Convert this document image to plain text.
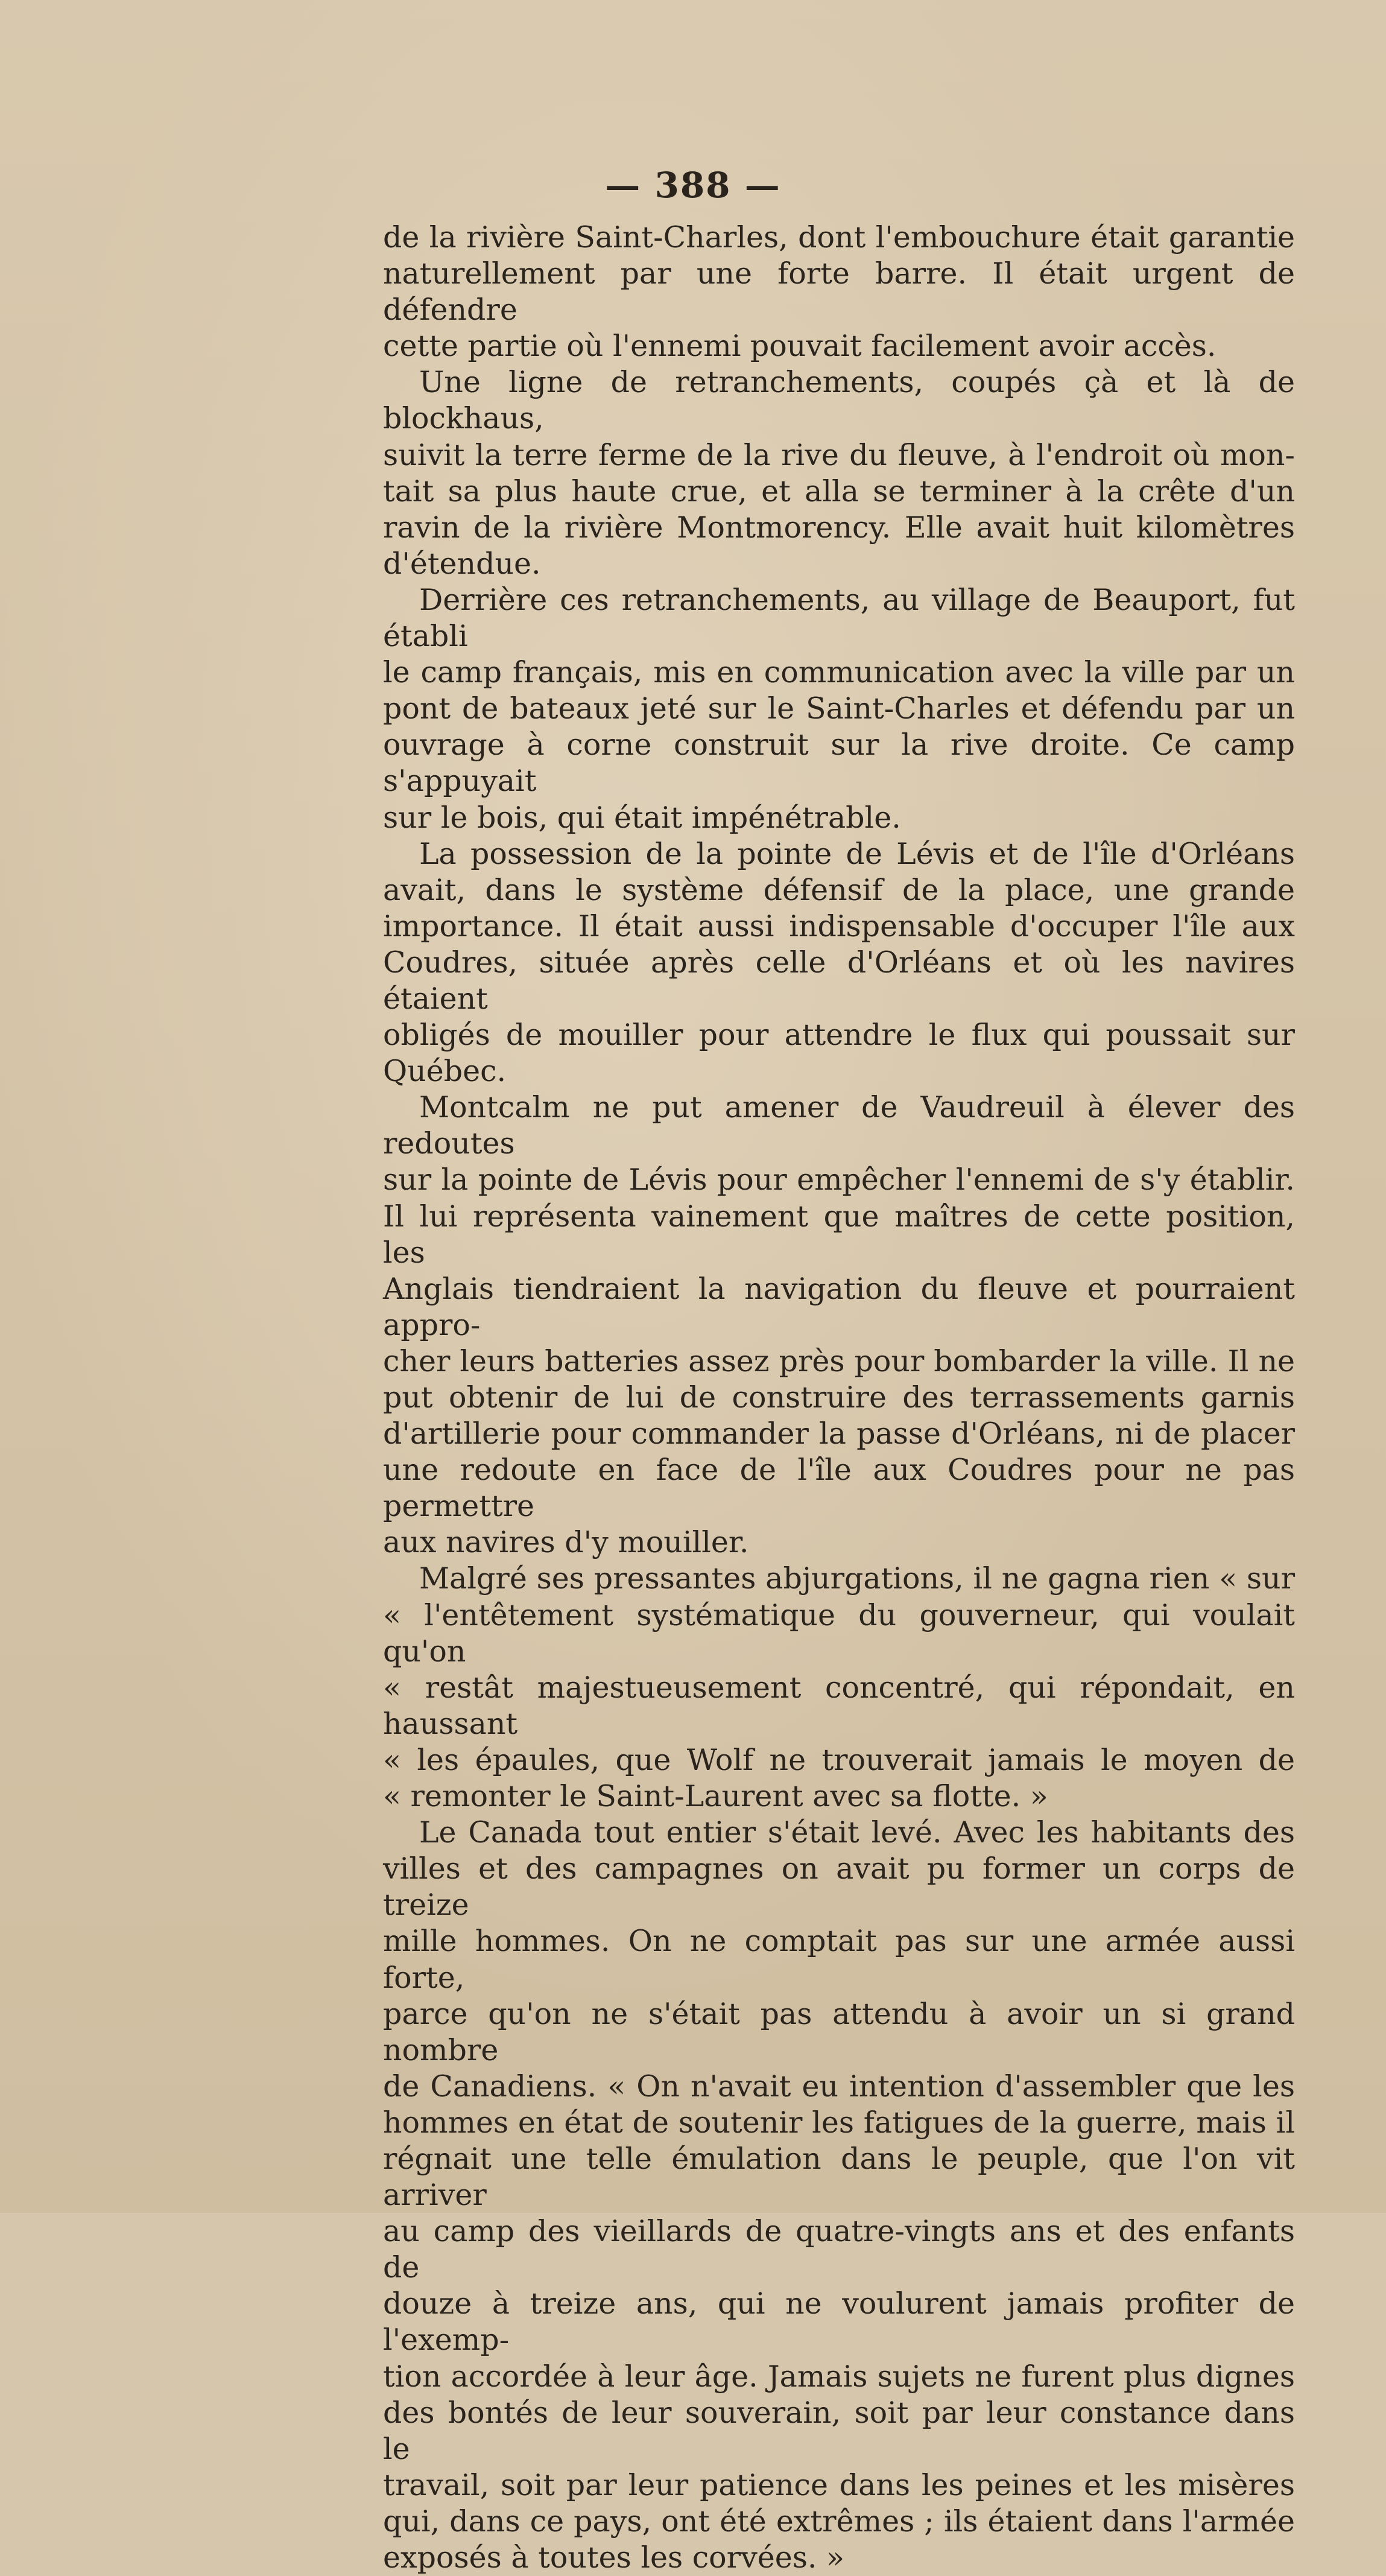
— 388 —

de la rivière Saint-Charles, dont l'embouchure était garantie

naturellement par une forte barre. Il était urgent de défendre

cette partie où l'ennemi pouvait facilement avoir accès.

Une ligne de retranchements, coupés çà et là de blockhaus,

suivit la terre ferme de la rive du fleuve, à l'endroit où mon-

tait sa plus haute crue, et alla se terminer à la crête d'un

ravin de la rivière Montmorency. Elle avait huit kilomètres

d'étendue.

Derrière ces retranchements, au village de Beauport, fut établi

le camp français, mis en communication avec la ville par un

pont de bateaux jeté sur le Saint-Charles et défendu par un

ouvrage à corne construit sur la rive droite. Ce camp s'appuyait

sur le bois, qui était impénétrable.

La possession de la pointe de Lévis et de l'île d'Orléans

avait, dans le système défensif de la place, une grande

importance. Il était aussi indispensable d'occuper l'île aux

Coudres, située après celle d'Orléans et où les navires étaient

obligés de mouiller pour attendre le flux qui poussait sur Québec.

Montcalm ne put amener de Vaudreuil à élever des redoutes

sur la pointe de Lévis pour empêcher l'ennemi de s'y établir.

Il lui représenta vainement que maîtres de cette position, les

Anglais tiendraient la navigation du fleuve et pourraient appro-

cher leurs batteries assez près pour bombarder la ville. Il ne

put obtenir de lui de construire des terrassements garnis

d'artillerie pour commander la passe d'Orléans, ni de placer

une redoute en face de l'île aux Coudres pour ne pas permettre

aux navires d'y mouiller.

Malgré ses pressantes abjurgations, il ne gagna rien « sur

« l'entêtement systématique du gouverneur, qui voulait qu'on

« restât majestueusement concentré, qui répondait, en haussant

« les épaules, que Wolf ne trouverait jamais le moyen de

« remonter le Saint-Laurent avec sa flotte. »

Le Canada tout entier s'était levé. Avec les habitants des

villes et des campagnes on avait pu former un corps de treize

mille hommes. On ne comptait pas sur une armée aussi forte,

parce qu'on ne s'était pas attendu à avoir un si grand nombre

de Canadiens. « On n'avait eu intention d'assembler que les

hommes en état de soutenir les fatigues de la guerre, mais il

régnait une telle émulation dans le peuple, que l'on vit arriver

au camp des vieillards de quatre-vingts ans et des enfants de

douze à treize ans, qui ne voulurent jamais profiter de l'exemp-

tion accordée à leur âge. Jamais sujets ne furent plus dignes

des bontés de leur souverain, soit par leur constance dans le

travail, soit par leur patience dans les peines et les misères

qui, dans ce pays, ont été extrêmes ; ils étaient dans l'armée

exposés à toutes les corvées. »
